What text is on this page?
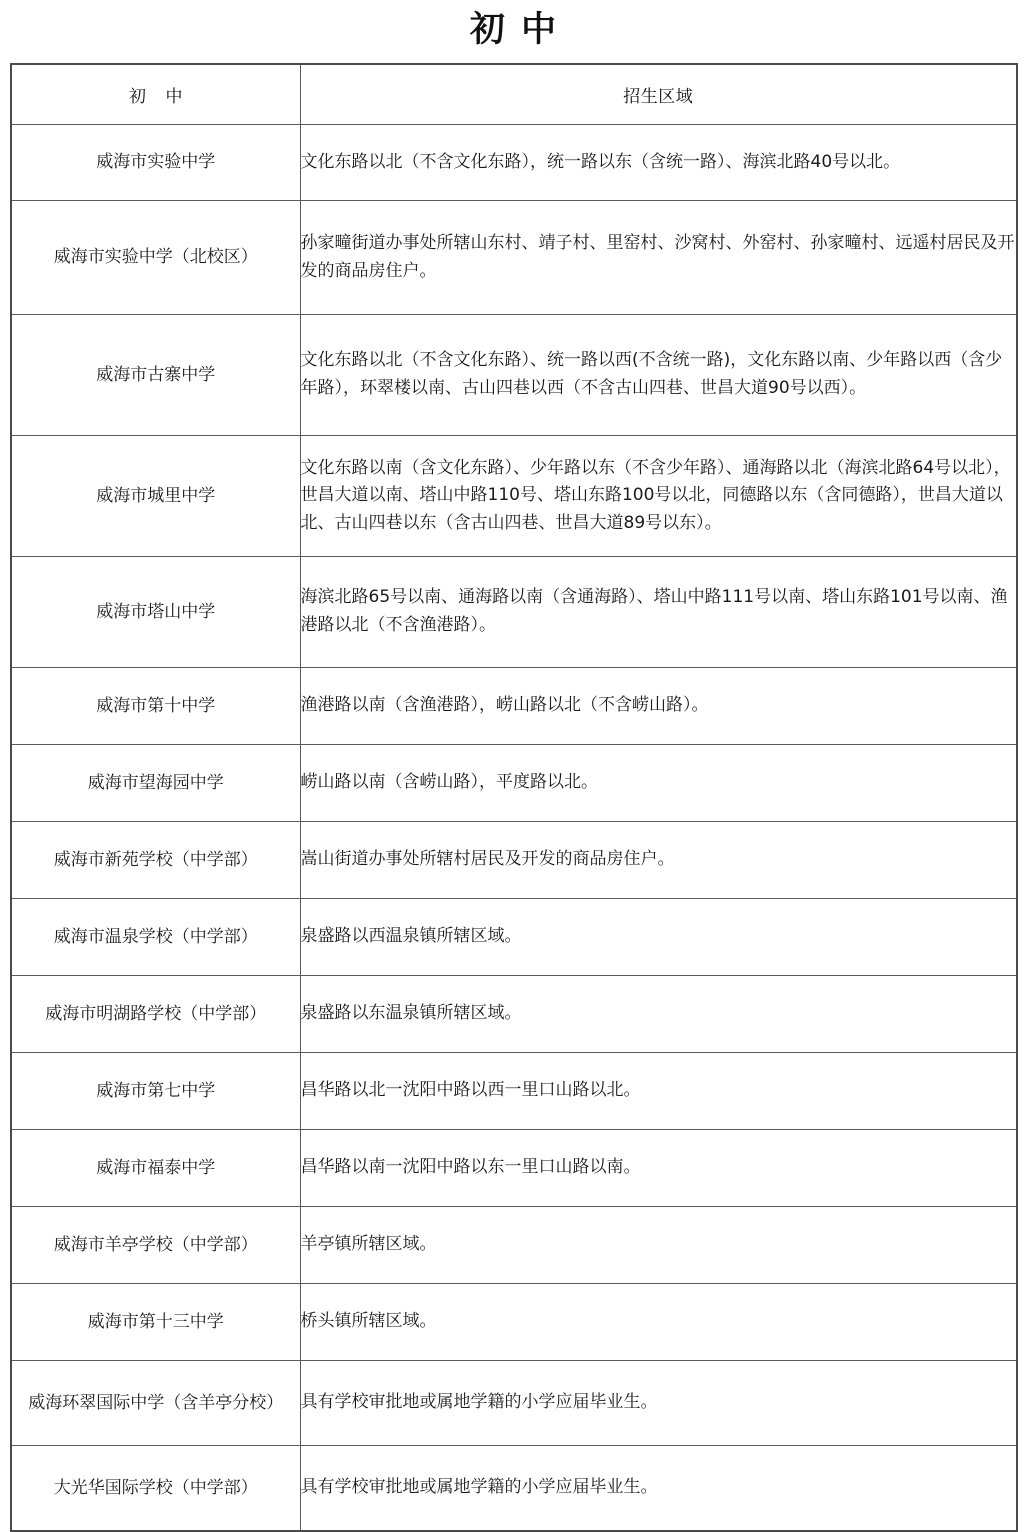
初 中
初 中	招生区域
威海市实验中学	文化东路以北（不含文化东路），统一路以东（含统一路）、海滨北路40号以北。
威海市实验中学（北校区）	孙家疃街道办事处所辖山东村、靖子村、里窑村、沙窝村、外窑村、孙家疃村、远遥村居民及开发的商品房住户。
威海市古寨中学	文化东路以北（不含文化东路）、统一路以西(不含统一路)，文化东路以南、少年路以西（含少年路），环翠楼以南、古山四巷以西（不含古山四巷、世昌大道90号以西）。
威海市城里中学	文化东路以南（含文化东路）、少年路以东（不含少年路）、通海路以北（海滨北路64号以北），世昌大道以南、塔山中路110号、塔山东路100号以北，同德路以东（含同德路），世昌大道以北、古山四巷以东（含古山四巷、世昌大道89号以东）。
威海市塔山中学	海滨北路65号以南、通海路以南（含通海路）、塔山中路111号以南、塔山东路101号以南、渔港路以北（不含渔港路）。
威海市第十中学	渔港路以南（含渔港路），崂山路以北（不含崂山路）。
威海市望海园中学	崂山路以南（含崂山路），平度路以北。
威海市新苑学校（中学部）	嵩山街道办事处所辖村居民及开发的商品房住户。
威海市温泉学校（中学部）	泉盛路以西温泉镇所辖区域。
威海市明湖路学校（中学部）	泉盛路以东温泉镇所辖区域。
威海市第七中学	昌华路以北一沈阳中路以西一里口山路以北。
威海市福泰中学	昌华路以南一沈阳中路以东一里口山路以南。
威海市羊亭学校（中学部）	羊亭镇所辖区域。
威海市第十三中学	桥头镇所辖区域。
威海环翠国际中学（含羊亭分校）	具有学校审批地或属地学籍的小学应届毕业生。
大光华国际学校（中学部）	具有学校审批地或属地学籍的小学应届毕业生。
